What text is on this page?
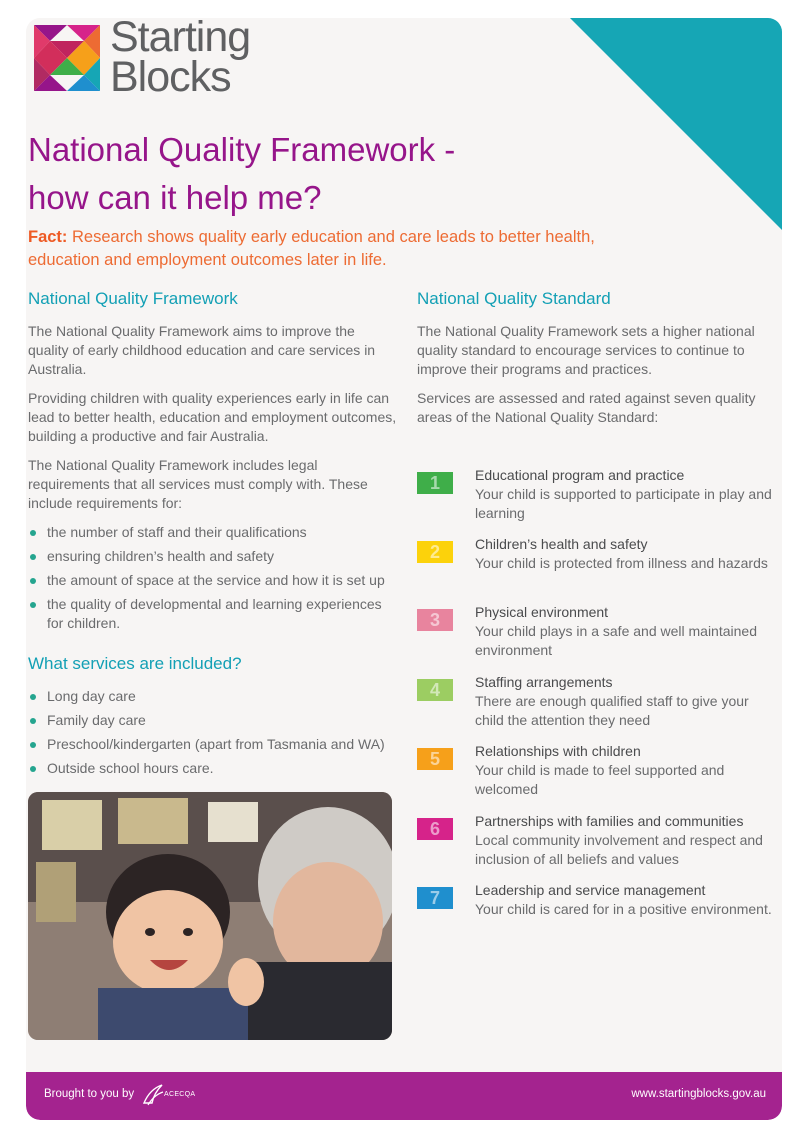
Starting
Blocks
National Quality Framework -
how can it help me?
Fact: Research shows quality early education and care leads to better health, education and employment outcomes later in life.
National Quality Framework

The National Quality Framework aims to improve the quality of early childhood education and care services in Australia.

Providing children with quality experiences early in life can lead to better health, education and employment outcomes, building a productive and fair Australia.

The National Quality Framework includes legal requirements that all services must comply with. These include requirements for:

the number of staff and their qualifications
ensuring children’s health and safety
the amount of space at the service and how it is set up
the quality of developmental and learning experiences for children.
What services are included?
Long day care
Family day care
Preschool/kindergarten (apart from Tasmania and WA)
Outside school hours care.
National Quality Standard

The National Quality Framework sets a higher national quality standard to encourage services to continue to improve their programs and practices.

Services are assessed and rated against seven quality areas of the National Quality Standard:

1	Educational program and practice
Your child is supported to participate in play and learning
2	Children’s health and safety
Your child is protected from illness and hazards
3	Physical environment
Your child plays in a safe and well maintained environment
4	Staffing arrangements
There are enough qualified staff to give your child the attention they need
5	Relationships with children
Your child is made to feel supported and welcomed
6	Partnerships with families and communities
Local community involvement and respect and inclusion of all beliefs and values
7	Leadership and service management
Your child is cared for in a positive environment.
Brought to you by	ACECQA	www.startingblocks.gov.au
